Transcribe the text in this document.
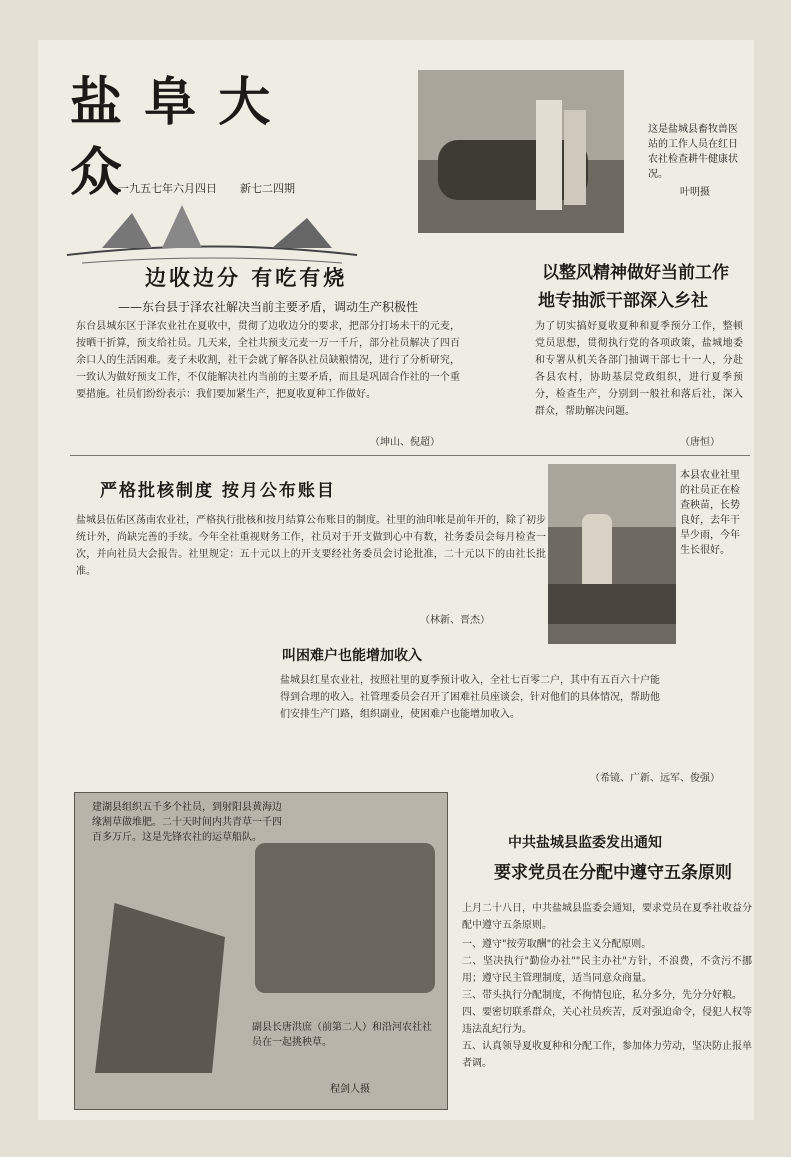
盐 阜 大 众
一九五七年六月四日 新七二四期
这是盐城县畜牧兽医站的工作人员在红日农社检查耕牛健康状况。
叶明摄
边收边分 有吃有烧
——东台县于泽农社解决当前主要矛盾，调动生产积极性
东台县城东区于泽农业社在夏收中，贯彻了边收边分的要求，把部分打场未干的元麦，按晒干折算，预支给社员。几天来，全社共预支元麦一万一千斤，部分社员解决了四百余口人的生活困难。麦子未收割，社干会就了解各队社员缺粮情况，进行了分析研究，一致认为做好预支工作，不仅能解决社内当前的主要矛盾，而且是巩固合作社的一个重要措施。社员们纷纷表示：我们要加紧生产，把夏收夏种工作做好。
（坤山、倪超）
以整风精神做好当前工作
地专抽派干部深入乡社
为了切实搞好夏收夏种和夏季预分工作，整顿党员思想，贯彻执行党的各项政策，盐城地委和专署从机关各部门抽调干部七十一人，分赴各县农村，协助基层党政组织，进行夏季预分，检查生产，分别到一般社和落后社，深入群众，帮助解决问题。
（唐恒）
严格批核制度 按月公布账目
盐城县伍佑区荡南农业社，严格执行批核和按月结算公布账目的制度。社里的油印帐是前年开的，除了初步统计外，尚缺完善的手续。今年全社重视财务工作，社员对于开支做到心中有数，社务委员会每月检查一次，并向社员大会报告。社里规定：五十元以上的开支要经社务委员会讨论批准，二十元以下的由社长批准。
（林新、晋杰）
本县农业社里的社员正在检查秧苗，长势良好，去年干旱少雨，今年生长很好。
叫困难户也能增加收入
盐城县红星农业社，按照社里的夏季预计收入，全社七百零二户，其中有五百六十户能得到合理的收入。社管理委员会召开了困难社员座谈会，针对他们的具体情况，帮助他们安排生产门路，组织副业，使困难户也能增加收入。
（希镜、广新、远军、俊强）
建湖县组织五千多个社员，到射阳县黄海边缘割草做堆肥。二十天时间内共青草一千四百多万斤。这是先锋农社的运草船队。
副县长唐洪庶（前第二人）和沿河农社社员在一起挑秧草。
程剑人摄
中共盐城县监委发出通知
要求党员在分配中遵守五条原则
上月二十八日，中共盐城县监委会通知，要求党员在夏季社收益分配中遵守五条原则。
一、遵守"按劳取酬"的社会主义分配原则。
二、坚决执行"勤俭办社""民主办社"方针，不浪费，不贪污不挪用；遵守民主管理制度，适当同意众商量。
三、带头执行分配制度，不徇情包庇，私分多分，先分分好粮。
四、要密切联系群众，关心社员疾苦，反对强迫命令，侵犯人权等违法乱纪行为。
五、认真领导夏收夏种和分配工作，参加体力劳动，坚决防止报单者调。
